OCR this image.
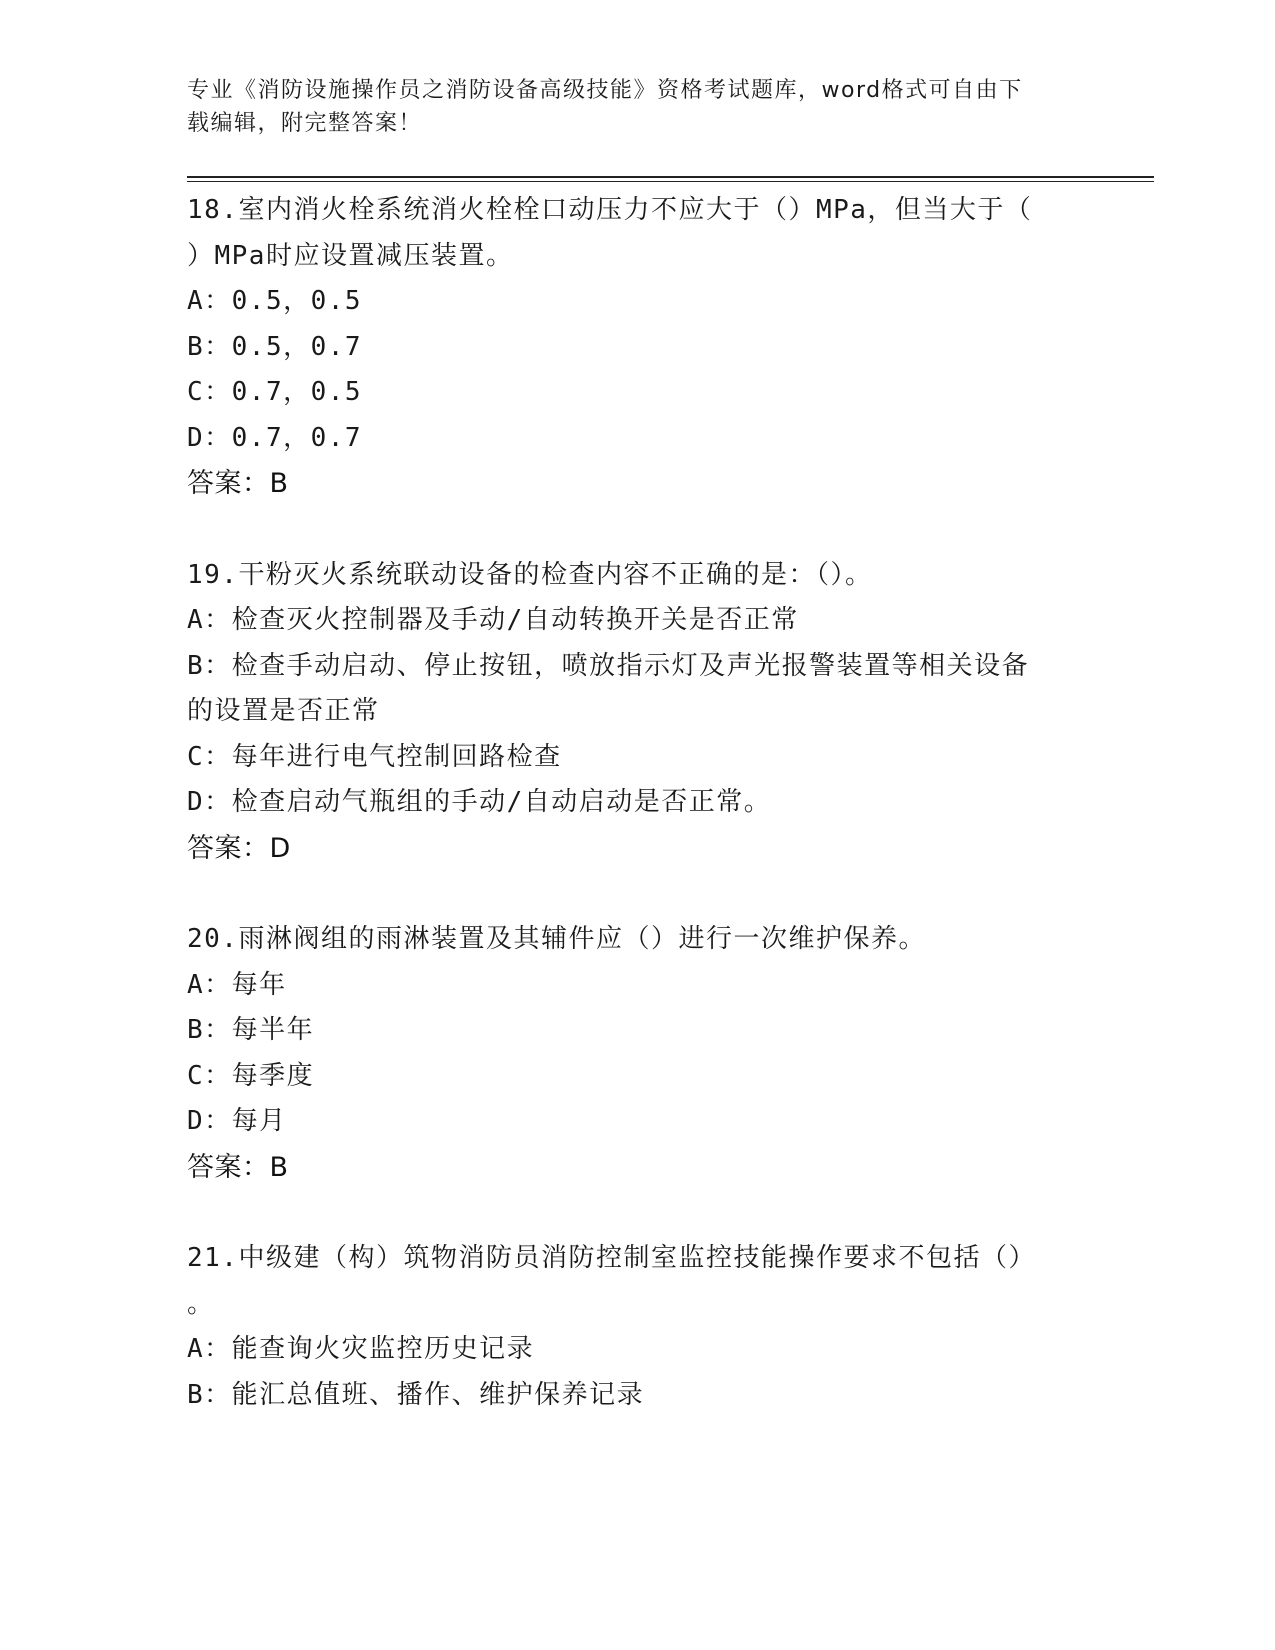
专业《消防设施操作员之消防设备高级技能》资格考试题库，word格式可自由下
载编辑，附完整答案！
18.室内消火栓系统消火栓栓口动压力不应大于（）MPa，但当大于（
）MPa时应设置减压装置。
A：0.5，0.5
B：0.5，0.7
C：0.7，0.5
D：0.7，0.7
答案：B
19.干粉灭火系统联动设备的检查内容不正确的是：（）。
A：检查灭火控制器及手动/自动转换开关是否正常
B：检查手动启动、停止按钮，喷放指示灯及声光报警装置等相关设备
的设置是否正常
C：每年进行电气控制回路检查
D：检查启动气瓶组的手动/自动启动是否正常。
答案：D
20.雨淋阀组的雨淋装置及其辅件应（）进行一次维护保养。
A：每年
B：每半年
C：每季度
D：每月
答案：B
21.中级建（构）筑物消防员消防控制室监控技能操作要求不包括（）
。
A：能查询火灾监控历史记录
B：能汇总值班、播作、维护保养记录
